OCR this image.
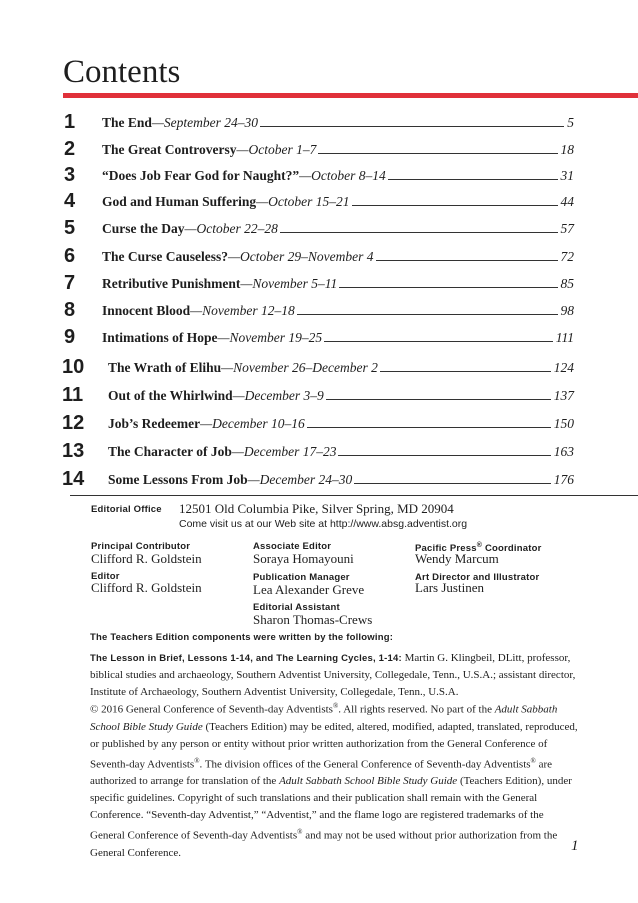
Contents
1	The End—September 24–30	5
2	The Great Controversy—October 1–7	18
3	“Does Job Fear God for Naught?”—October 8–14	31
4	God and Human Suffering—October 15–21	44
5	Curse the Day—October 22–28	57
6	The Curse Causeless?—October 29–November 4	72
7	Retributive Punishment—November 5–11	85
8	Innocent Blood—November 12–18	98
9	Intimations of Hope—November 19–25	111
10	The Wrath of Elihu—November 26–December 2	124
11	Out of the Whirlwind—December 3–9	137
12	Job’s Redeemer—December 10–16	150
13	The Character of Job—December 17–23	163
14	Some Lessons From Job—December 24–30	176
Editorial Office 12501 Old Columbia Pike, Silver Spring, MD 20904
Come visit us at our Web site at http://www.absg.adventist.org
Principal Contributor
Clifford R. Goldstein
Editor
Clifford R. Goldstein
Associate Editor
Soraya Homayouni
Publication Manager
Lea Alexander Greve
Editorial Assistant
Sharon Thomas-Crews
Pacific Press® Coordinator
Wendy Marcum
Art Director and Illustrator
Lars Justinen
The Teachers Edition components were written by the following:
The Lesson in Brief, Lessons 1-14, and The Learning Cycles, 1-14: Martin G. Klingbeil, DLitt, professor, biblical studies and archaeology, Southern Adventist University, Collegedale, Tenn., U.S.A.; assistant director, Institute of Archaeology, Southern Adventist University, Collegedale, Tenn., U.S.A.
© 2016 General Conference of Seventh-day Adventists®. All rights reserved. No part of the Adult Sabbath School Bible Study Guide (Teachers Edition) may be edited, altered, modified, adapted, translated, reproduced, or published by any person or entity without prior written authorization from the General Conference of Seventh-day Adventists®. The division offices of the General Conference of Seventh-day Adventists® are authorized to arrange for translation of the Adult Sabbath School Bible Study Guide (Teachers Edition), under specific guidelines. Copyright of such translations and their publication shall remain with the General Conference. “Seventh-day Adventist,” “Adventist,” and the flame logo are registered trademarks of the General Conference of Seventh-day Adventists® and may not be used without prior authorization from the General Conference.	1
